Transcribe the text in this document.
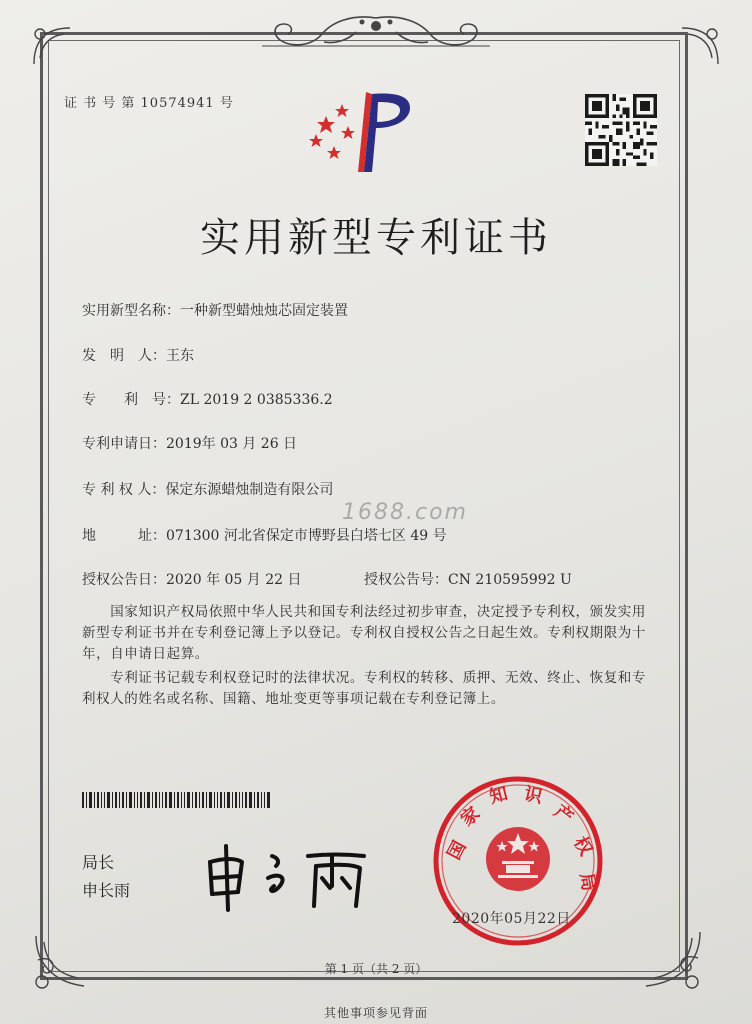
证 书 号 第 10574941 号
实用新型专利证书
实用新型名称：一种新型蜡烛烛芯固定装置
发　明　人：王东
专　　利　号：ZL 2019 2 0385336.2
专利申请日：2019年 03 月 26 日
专 利 权 人：保定东源蜡烛制造有限公司
地　　　址：071300 河北省保定市博野县白塔七区 49 号
授权公告日：2020 年 05 月 22 日	授权公告号：CN 210595992 U
1688.com
　　国家知识产权局依照中华人民共和国专利法经过初步审查，决定授予专利权，颁发实用
新型专利证书并在专利登记簿上予以登记。专利权自授权公告之日起生效。专利权期限为十
年，自申请日起算。
　　专利证书记载专利权登记时的法律状况。专利权的转移、质押、无效、终止、恢复和专
利权人的姓名或名称、国籍、地址变更等事项记载在专利登记簿上。
局长
申长雨
国
家
知 识
产
权
局
2020年05月22日
第 1 页（共 2 页）
其他事项参见背面
